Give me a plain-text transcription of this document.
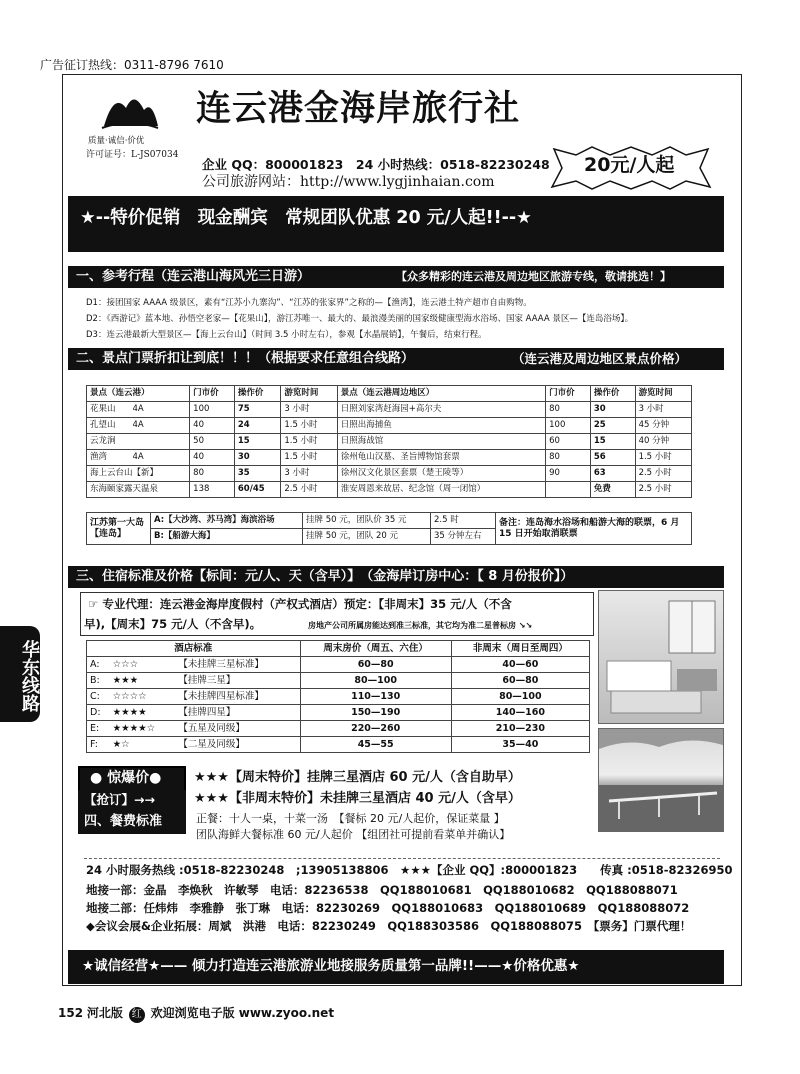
广告征订热线：0311-8796 7610
质量·诚信·价优
许可证号：L-JS07034
连云港金海岸旅行社
企业 QQ：800001823　24 小时热线：0518-82230248
公司旅游网站：http://www.lygjinhaian.com
20元/人起
★--特价促销　现金酬宾　常规团队优惠 20 元/人起!!--★
一、参考行程（连云港山海风光三日游）	【众多精彩的连云港及周边地区旅游专线，敬请挑选！】
D1：接团国家 AAAA 级景区，素有“江苏小九寨沟”、“江苏的张家界”之称的—【渔湾】，连云港土特产超市自由购物。
D2：《西游记》蓝本地、孙悟空老家—【花果山】，游江苏唯一、最大的、最浪漫美丽的国家级健康型海水浴场、国家 AAAA 景区—【连岛浴场】。
D3：连云港最新大型景区—【海上云台山】（时间 3.5 小时左右），参观【水晶展销】，午餐后，结束行程。
二、景点门票折扣让到底！！！（根据要求任意组合线路）	（连云港及周边地区景点价格）
景点（连云港）	门市价	操作价	游览时间	景点（连云港周边地区）	门市价	操作价	游览时间
花果山　　4A	100	75	3 小时	日照刘家湾赶海园+高尔夫	80	30	3 小时
孔望山　　4A	40	24	1.5 小时	日照出海捕鱼	100	25	45 分钟
云龙涧	50	15	1.5 小时	日照海战馆	60	15	40 分钟
渔湾　　　4A	40	30	1.5 小时	徐州龟山汉墓、圣旨博物馆套票	80	56	1.5 小时
海上云台山【新】	80	35	3 小时	徐州汉文化景区套票（楚王陵等）	90	63	2.5 小时
东海颐家露天温泉	138	60/45	2.5 小时	淮安周恩来故居、纪念馆（周一闭馆）		免费	2.5 小时
江苏第一大岛【连岛】	A:【大沙湾、苏马湾】海滨浴场	挂牌 50 元，团队价 35 元	2.5 时	备注：连岛海水浴场和船游大海的联票，6 月 15 日开始取消联票
	B:【船游大海】	挂牌 50 元，团队 20 元	35 分钟左右	
三、住宿标准及价格【标间：元/人、天（含早）】　（金海岸订房中心：【 8 月份报价】）
☞ 专业代理：连云港金海岸度假村（产权式酒店）预定：【非周末】35 元/人（不含
早),【周末】75 元/人（不含早)。	房地产公司所属房能达到准三标准，其它均为准二星普标房 ↘↘
酒店标准			周末房价（周五、六住）	非周末（周日至周四）
A:	☆☆☆	【未挂牌三星标准】	60—80	40—60
B:	★★★	【挂牌三星】	80—100	60—80
C:	☆☆☆☆	【未挂牌四星标准】	110—130	80—100
D:	★★★★	【挂牌四星】	150—190	140—160
E:	★★★★☆	【五星及同级】	220—260	210—230
F:	★☆	【二星及同级】	45—55	35—40
● 惊爆价●
【抢订】→→
★★★【周末特价】挂牌三星酒店 60 元/人（含自助早）
★★★【非周末特价】未挂牌三星酒店 40 元/人（含早）
四、餐费标准	正餐：十人一桌，十菜一汤　【餐标 20 元/人起价，保证菜量 】
团队海鲜大餐标准 60 元/人起价 【组团社可提前看菜单并确认】
24 小时服务热线 :0518-82230248　;13905138806　★★★【企业 QQ】:800001823　　传真 :0518-82326950
地接一部：金晶　李焕秋　许敏琴　电话：82236538　QQ188010681　QQ188010682　QQ188088071
地接二部：任炜炜　李雅静　张丁琳　电话：82230269　QQ188010683　QQ188010689　QQ188088072
◆会议会展&企业拓展：周斌　洪港　电话：82230249　QQ188303586　QQ188088075　【票务】门票代理！
★诚信经营★—— 倾力打造连云港旅游业地接服务质量第一品牌!!——★价格优惠★
华东线路
152 河北版 红 欢迎浏览电子版 www.zyoo.net
